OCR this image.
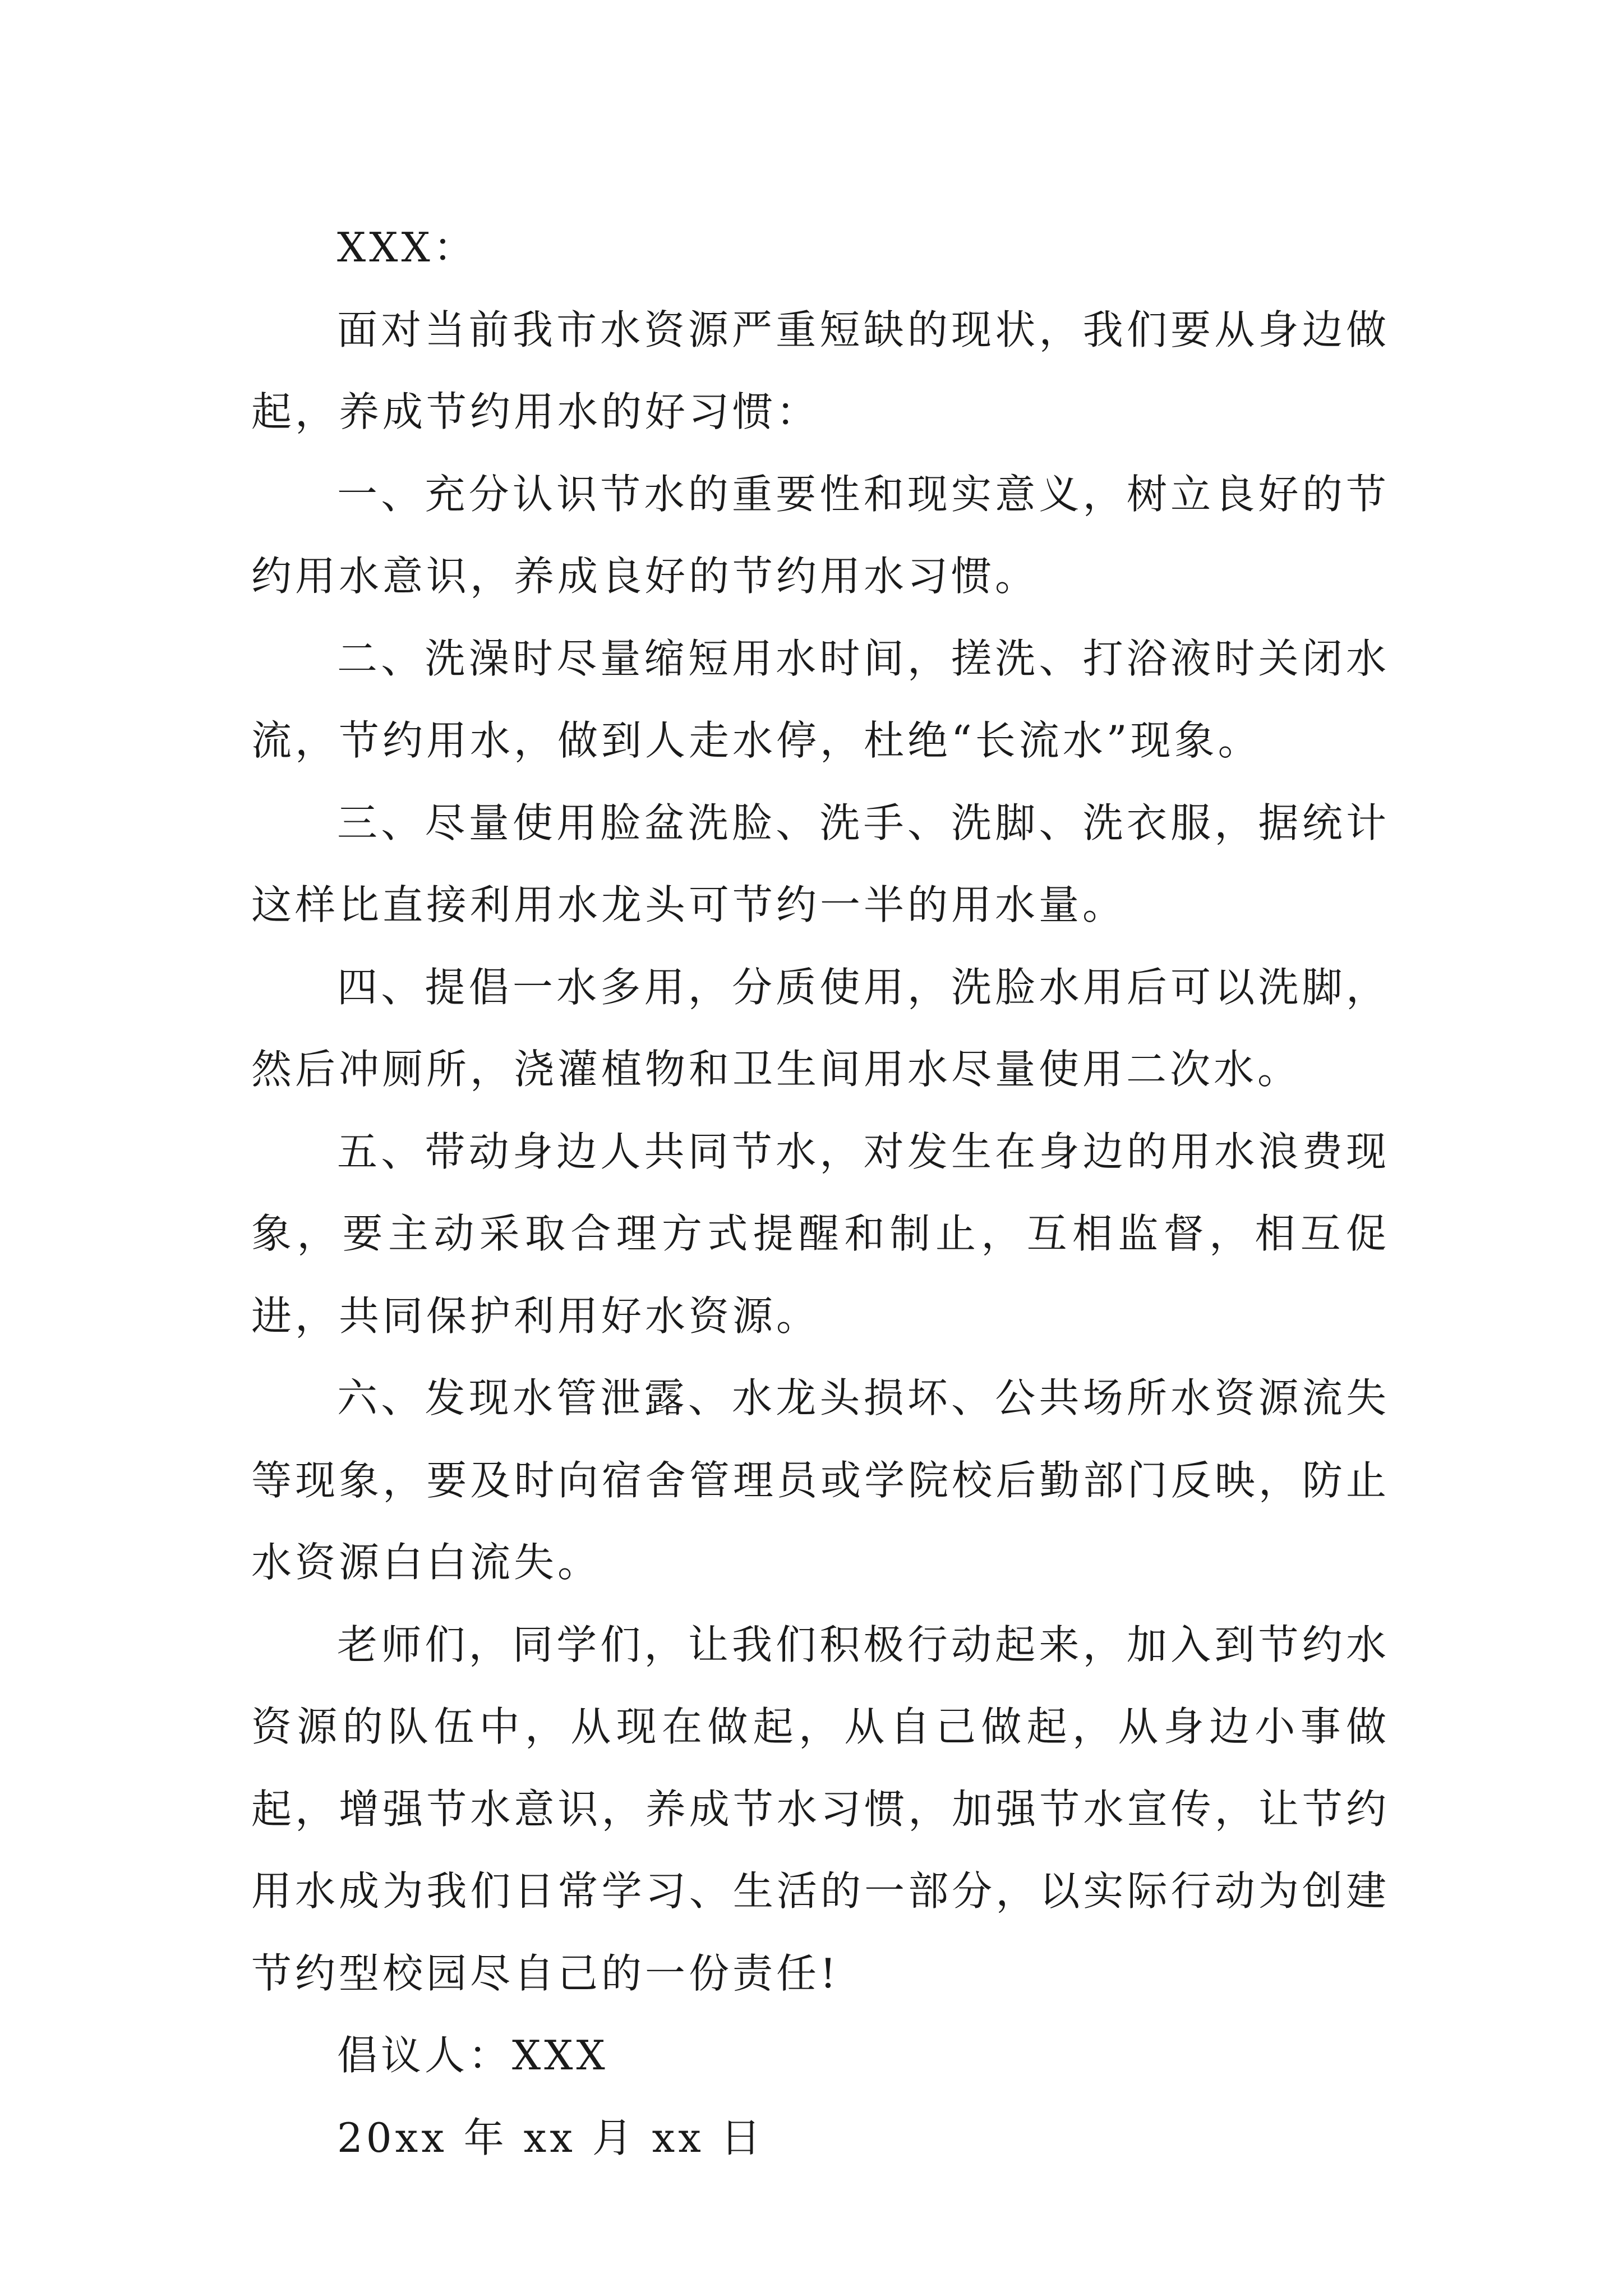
XXX：

面对当前我市水资源严重短缺的现状，我们要从身边做起，养成节约用水的好习惯：

一、充分认识节水的重要性和现实意义，树立良好的节约用水意识，养成良好的节约用水习惯。

二、洗澡时尽量缩短用水时间，搓洗、打浴液时关闭水流，节约用水，做到人走水停，杜绝“长流水”现象。

三、尽量使用脸盆洗脸、洗手、洗脚、洗衣服，据统计这样比直接利用水龙头可节约一半的用水量。

四、提倡一水多用，分质使用，洗脸水用后可以洗脚，然后冲厕所，浇灌植物和卫生间用水尽量使用二次水。

五、带动身边人共同节水，对发生在身边的用水浪费现象，要主动采取合理方式提醒和制止，互相监督，相互促进，共同保护利用好水资源。

六、发现水管泄露、水龙头损坏、公共场所水资源流失等现象，要及时向宿舍管理员或学院校后勤部门反映，防止水资源白白流失。

老师们，同学们，让我们积极行动起来，加入到节约水资源的队伍中，从现在做起，从自己做起，从身边小事做起，增强节水意识，养成节水习惯，加强节水宣传，让节约用水成为我们日常学习、生活的一部分，以实际行动为创建节约型校园尽自己的一份责任!

倡议人：XXX

20xx 年 xx 月 xx 日
